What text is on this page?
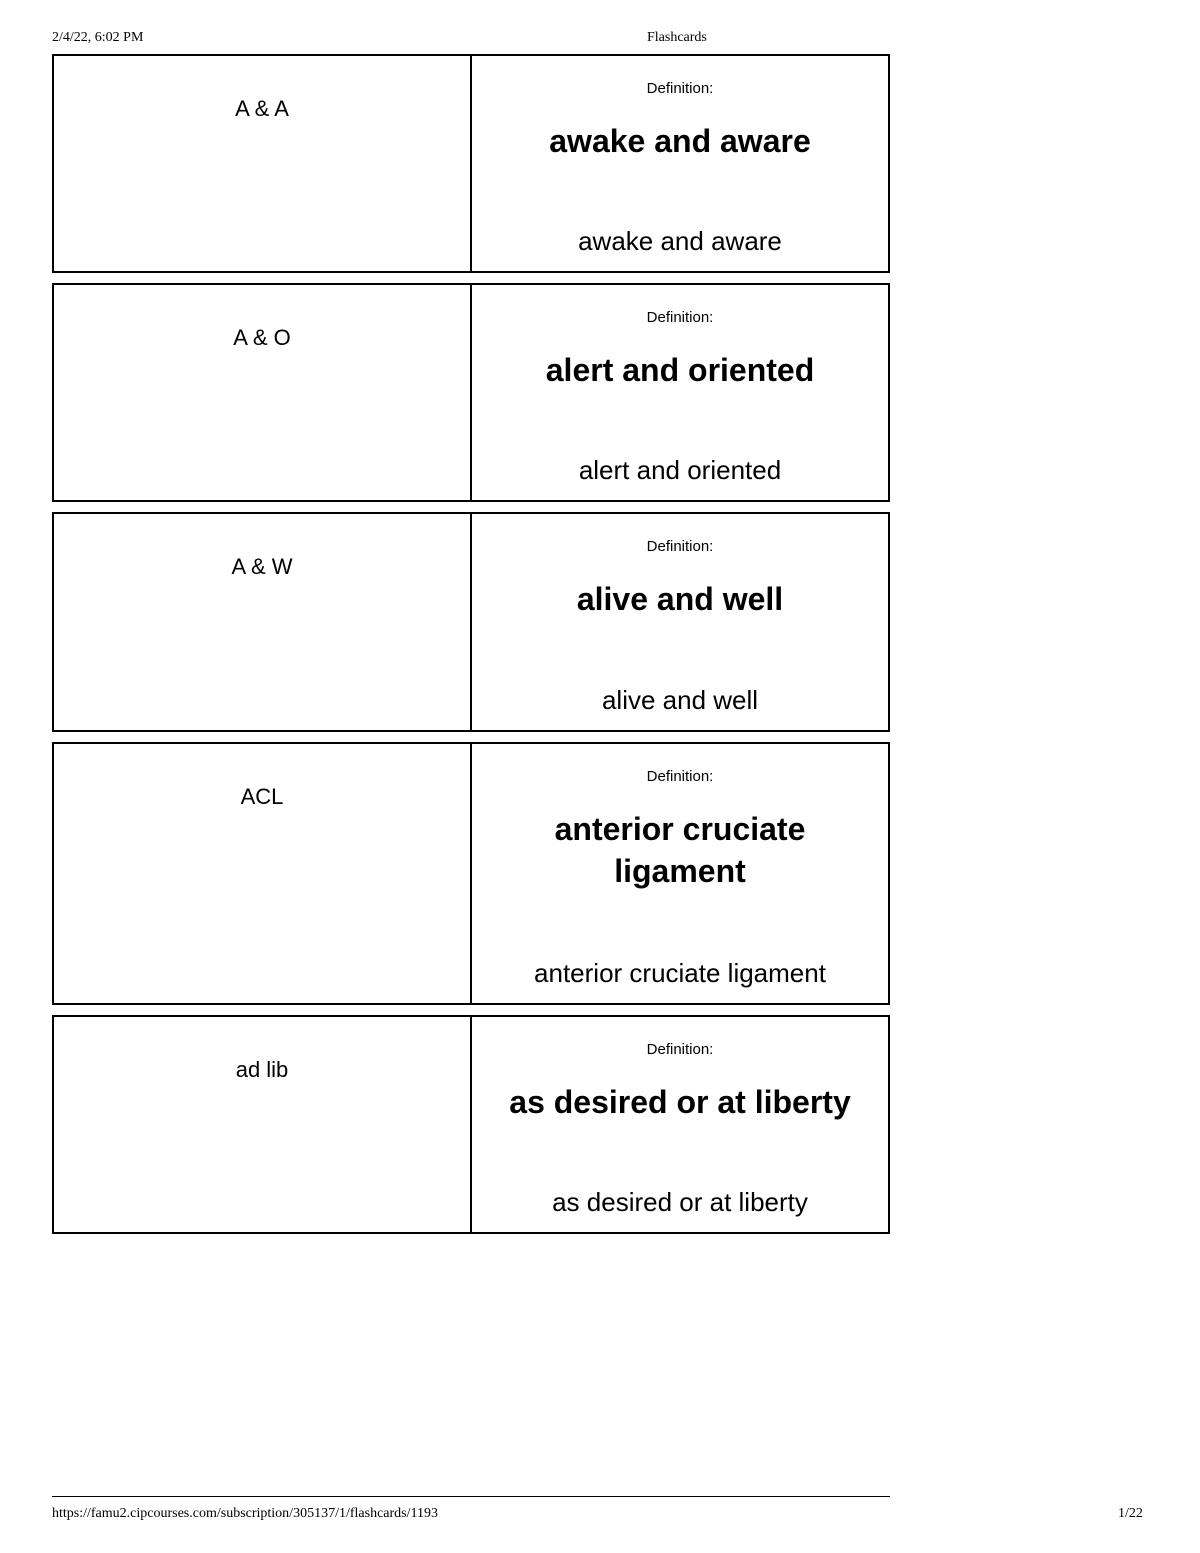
2/4/22, 6:02 PM	Flashcards
A & A
Definition:
awake and aware
awake and aware
A & O
Definition:
alert and oriented
alert and oriented
A & W
Definition:
alive and well
alive and well
ACL
Definition:
anterior cruciate ligament
anterior cruciate ligament
ad lib
Definition:
as desired or at liberty
as desired or at liberty
https://famu2.cipcourses.com/subscription/305137/1/flashcards/1193	1/22
